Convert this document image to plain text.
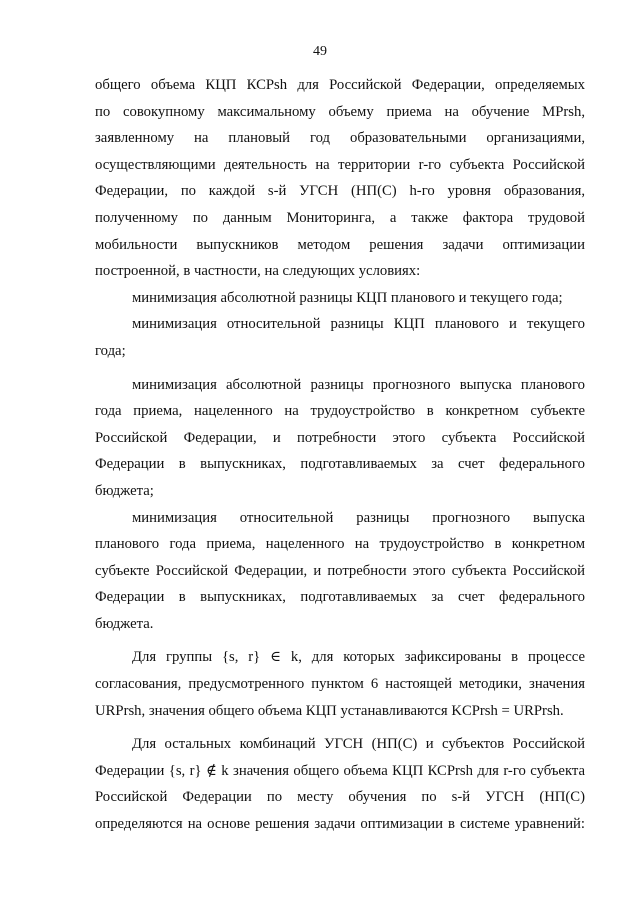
49
общего объема КЦП КСРsh для Российской Федерации, определяемых
по совокупному максимальному объему приема на обучение MPrsh,
заявленному на плановый год образовательными организациями,
осуществляющими деятельность на территории r-го субъекта Российской
Федерации, по каждой s-й УГСН (НП(С) h-го уровня образования,
полученному по данным Мониторинга, а также фактора трудовой
мобильности выпускников методом решения задачи оптимизации
построенной, в частности, на следующих условиях:
минимизация абсолютной разницы КЦП планового и текущего года;
минимизация относительной разницы КЦП планового и текущего
года;
минимизация абсолютной разницы прогнозного выпуска планового
года приема, нацеленного на трудоустройство в конкретном субъекте
Российской Федерации, и потребности этого субъекта Российской
Федерации в выпускниках, подготавливаемых за счет федерального
бюджета;
минимизация относительной разницы прогнозного выпуска
планового года приема, нацеленного на трудоустройство в конкретном
субъекте Российской Федерации, и потребности этого субъекта Российской
Федерации в выпускниках, подготавливаемых за счет федерального
бюджета.
Для группы {s, r} ∈ k, для которых зафиксированы в процессе
согласования, предусмотренного пунктом 6 настоящей методики, значения
URPrsh, значения общего объема КЦП устанавливаются KCPrsh = URPrsh.
Для остальных комбинаций УГСН (НП(С) и субъектов Российской
Федерации {s, r} ∉ k значения общего объема КЦП КСРrsh для r-го субъекта
Российской Федерации по месту обучения по s-й УГСН (НП(С)
определяются на основе решения задачи оптимизации в системе уравнений:
